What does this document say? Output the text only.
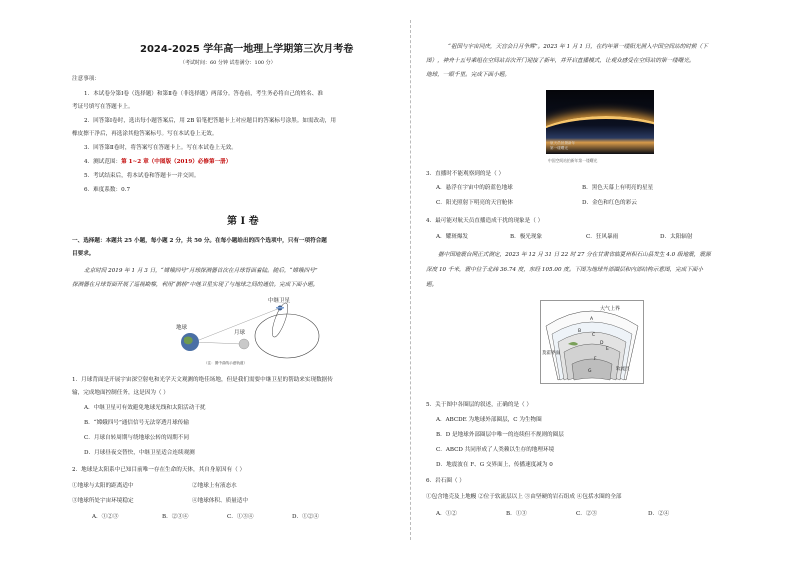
2024-2025 学年高一地理上学期第三次月考卷
（考试时间：60 分钟 试卷满分：100 分）
注意事项：
1．本试卷分第Ⅰ卷（选择题）和第Ⅱ卷（非选择题）两部分。答卷前，考生务必将自己的姓名、准
考证号填写在答题卡上。
2．回答第Ⅰ卷时，选出每小题答案后，用 2B 铅笔把答题卡上对应题目的答案标号涂黑。如需改动，用
橡皮擦干净后，再选涂其他答案标号。写在本试卷上无效。
3．回答第Ⅱ卷时，将答案写在答题卡上。写在本试卷上无效。
4．测试范围：第 1~2 章（中图版（2019）必修第一册）
5．考试结束后，将本试卷和答题卡一并交回。
6．难度系数：0.7
第 Ⅰ 卷
一、选择题：本题共 25 小题，每小题 2 分，共 50 分。在每小题给出的四个选项中，只有一项符合题
目要求。
北京时间 2019 年 1 月 3 日，“嫦娥四号”月球探测器首次在月球背面着陆。随后，“嫦娥四号”
探测器在月球背面开展了巡视勘察，利用“鹊桥”中继卫星实现了与地球之间的通信。完成下面小题。
中继卫星
地球
月球
（注：图中曲线示意轨道）
1．月球背面是开展宇宙深空射电和光学天文观测的绝佳场地，但是我们需要中继卫星的帮助来实现数据传
输，完成地面控制任务，这是因为（ ）
A．中继卫星可有效避免地球光线和太阳活动干扰
B．“嫦娥四号”通信信号无法穿透月球传输
C．月球自转周期与绕地球公转的周期不同
D．月球昼夜交替快，中继卫星适合连续观测
2．地球是太阳系中已知目前唯一存在生命的天体，其自身原因有（ ）
①地球与太阳的距离适中	②地球上有液态水
③地球所处宇宙环境稳定	④地球体积、质量适中
A．①②③	B．②③④	C．①③④	D．①②④
“祖国与宇宙同庆，天宫会日月争辉”。2023 年 1 月 1 日，在约年第一缕阳光照入中国空间站的时候（下
图），神舟十五号乘组在空间站首次开门迎接了新年，并开启直播模式，让观众感受在空间站的第一缕曙光。
地球，一眼千里。完成下面小题。
航天员拍摄新年
第一缕曙光
中国空间站拍新年第一缕曙光
3．直播时不能观察到的是（ ）
A．悬浮在宇宙中的蔚蓝色地球	B．黑色天幕上有明亮的星星
C．阳光照射下明亮的天宫舱体	D．金色和红色的彩云
4．最可能对航天员直播造成干扰的现象是（ ）
A．耀斑爆发	B．极光现象	C．狂风暴雨	D．太阳辐射
据中国地震台网正式测定，2023 年 12 月 31 日 22 时 27 分在甘肃省临夏州积石山县发生 4.0 级地震，震源
深度 10 千米，震中位于北纬 36.74 度，东经 105.00 度。下图为地球外部圈层和内部结构示意图，完成下面小
题。
大气上界
莫霍界面
软流层
A
B
C
D
E
F
G
5．关于图中各圈层的叙述，正确的是（ ）
A．ABCDE 为地球外部圈层，C 为生物圈
B．D 是地球外部圈层中唯一的连续但不规则的圈层
C．ABCD 共同形成了人类赖以生存的地理环境
D．地震波在 F、G 交界面上，传播速度减为 0
6．岩石圈（ ）
①包含地壳及上地幔 ②位于软流层以上 ③由坚硬的岩石组成 ④包括水圈的全部
A．①②	B．①③	C．②③	D．②④
